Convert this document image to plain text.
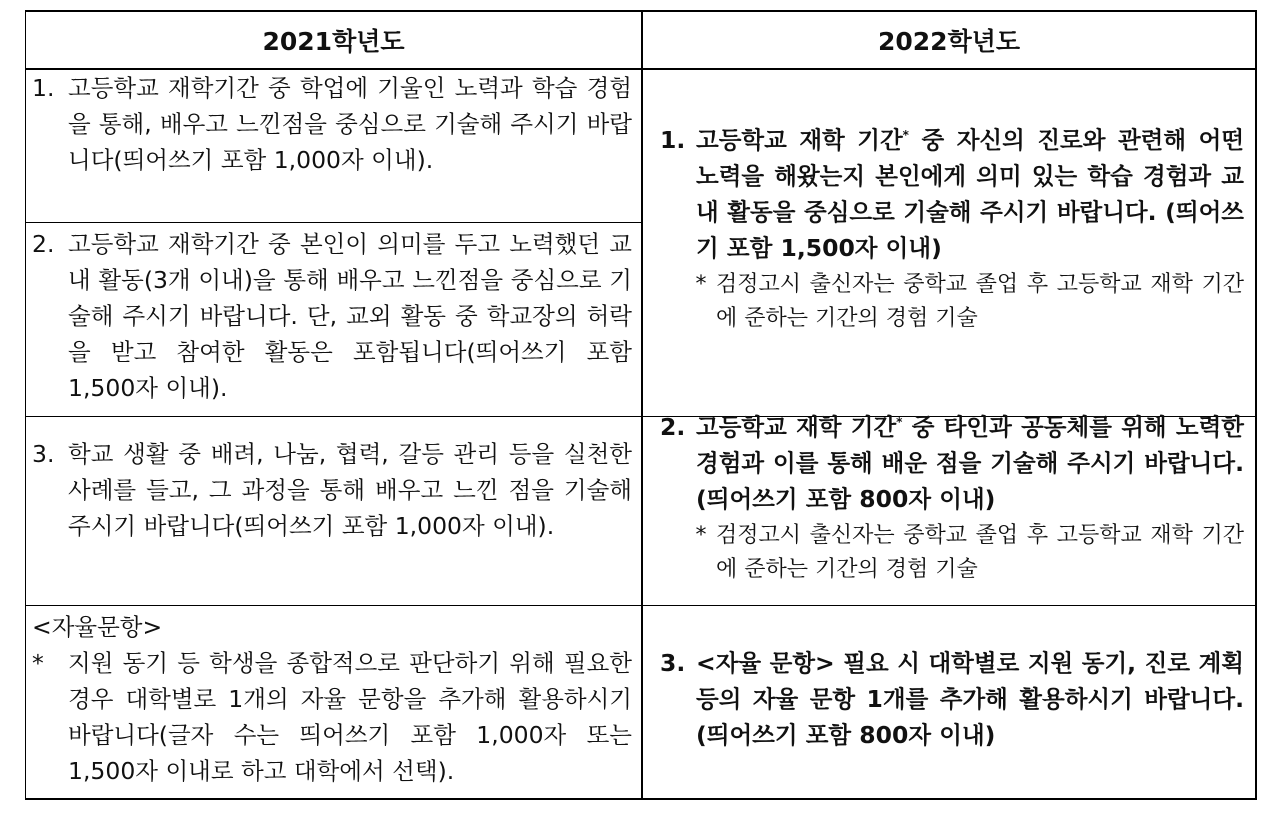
2021학년도	2022학년도
1. 고등학교 재학기간 중 학업에 기울인 노력과 학습 경험을 통해, 배우고 느낀점을 중심으로 기술해 주시기 바랍니다(띄어쓰기 포함 1,000자 이내).
2. 고등학교 재학기간 중 본인이 의미를 두고 노력했던 교내 활동(3개 이내)을 통해 배우고 느낀점을 중심으로 기술해 주시기 바랍니다. 단, 교외 활동 중 학교장의 허락을 받고 참여한 활동은 포함됩니다(띄어쓰기 포함 1,500자 이내).
3. 학교 생활 중 배려, 나눔, 협력, 갈등 관리 등을 실천한 사례를 들고, 그 과정을 통해 배우고 느낀 점을 기술해 주시기 바랍니다(띄어쓰기 포함 1,000자 이내).
<자율문항>
*	지원 동기 등 학생을 종합적으로 판단하기 위해 필요한 경우 대학별로 1개의 자율 문항을 추가해 활용하시기 바랍니다(글자 수는 띄어쓰기 포함 1,000자 또는 1,500자 이내로 하고 대학에서 선택).
1. 고등학교 재학 기간* 중 자신의 진로와 관련해 어떤 노력을 해왔는지 본인에게 의미 있는 학습 경험과 교내 활동을 중심으로 기술해 주시기 바랍니다. (띄어쓰기 포함 1,500자 이내)
* 검정고시 출신자는 중학교 졸업 후 고등학교 재학 기간에 준하는 기간의 경험 기술
2. 고등학교 재학 기간* 중 타인과 공동체를 위해 노력한 경험과 이를 통해 배운 점을 기술해 주시기 바랍니다. (띄어쓰기 포함 800자 이내)
* 검정고시 출신자는 중학교 졸업 후 고등학교 재학 기간에 준하는 기간의 경험 기술
3. <자율 문항> 필요 시 대학별로 지원 동기, 진로 계획 등의 자율 문항 1개를 추가해 활용하시기 바랍니다.(띄어쓰기 포함 800자 이내)
